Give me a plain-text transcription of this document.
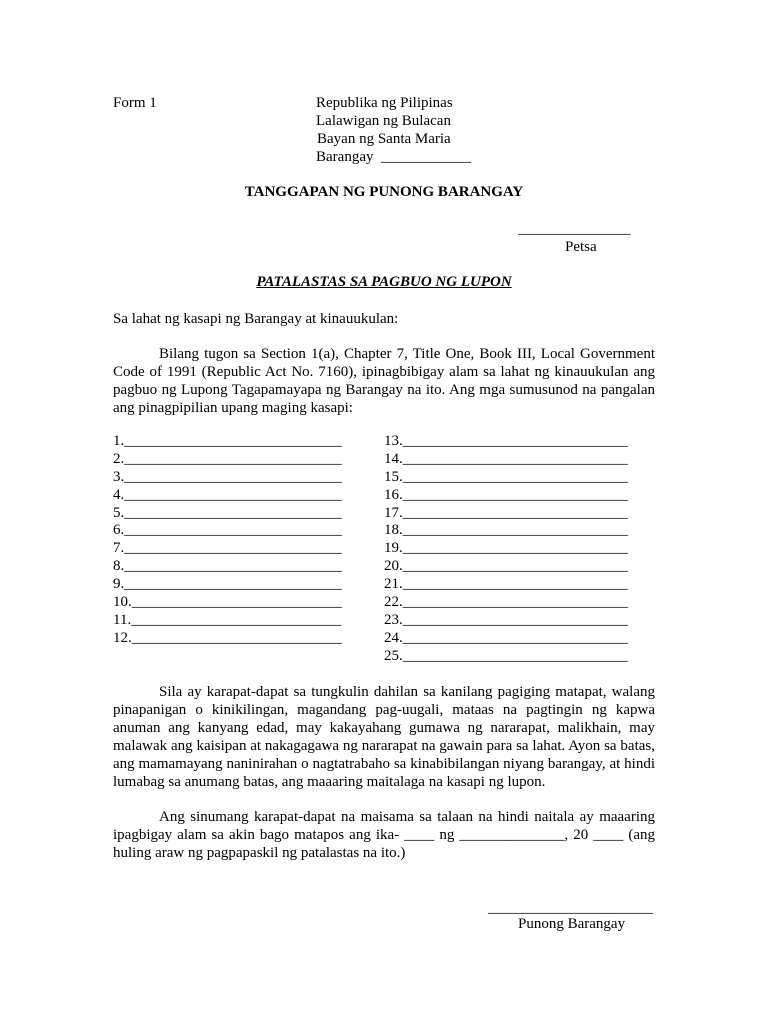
Form 1	Republika ng Pilipinas
Lalawigan ng Bulacan
Bayan ng Santa Maria
Barangay  ____________
TANGGAPAN NG PUNONG BARANGAY
_______________
Petsa
PATALASTAS SA PAGBUO NG LUPON
Sa lahat ng kasapi ng Barangay at kinauukulan:
Bilang tugon sa Section 1(a), Chapter 7, Title One, Book III, Local Government Code of 1991 (Republic Act No. 7160), ipinagbibigay alam sa lahat ng kinauukulan ang pagbuo ng Lupong Tagapamayapa ng Barangay na ito. Ang mga sumusunod na pangalan ang pinagpipilian upang maging kasapi:
1._____________________________
2._____________________________
3._____________________________
4._____________________________
5._____________________________
6._____________________________
7._____________________________
8._____________________________
9._____________________________
10.____________________________
11.____________________________
12.____________________________
13.______________________________
14.______________________________
15.______________________________
16.______________________________
17.______________________________
18.______________________________
19.______________________________
20.______________________________
21.______________________________
22.______________________________
23.______________________________
24.______________________________
25.______________________________
Sila ay karapat-dapat sa tungkulin dahilan sa kanilang pagiging matapat, walang pinapanigan o kinikilingan, magandang pag-uugali, mataas na pagtingin ng kapwa anuman ang kanyang edad, may kakayahang gumawa ng nararapat, malikhain, may malawak ang kaisipan at nakagagawa ng nararapat na gawain para sa lahat. Ayon sa batas, ang mamamayang naninirahan o nagtatrabaho sa kinabibilangan niyang barangay, at hindi lumabag sa anumang batas, ang maaaring maitalaga na kasapi ng lupon.
Ang sinumang karapat-dapat na maisama sa talaan na hindi naitala ay maaaring ipagbigay alam sa akin bago matapos ang ika- ____ ng ______________, 20 ____ (ang huling araw ng pagpapaskil ng patalastas na ito.)
______________________
Punong Barangay
